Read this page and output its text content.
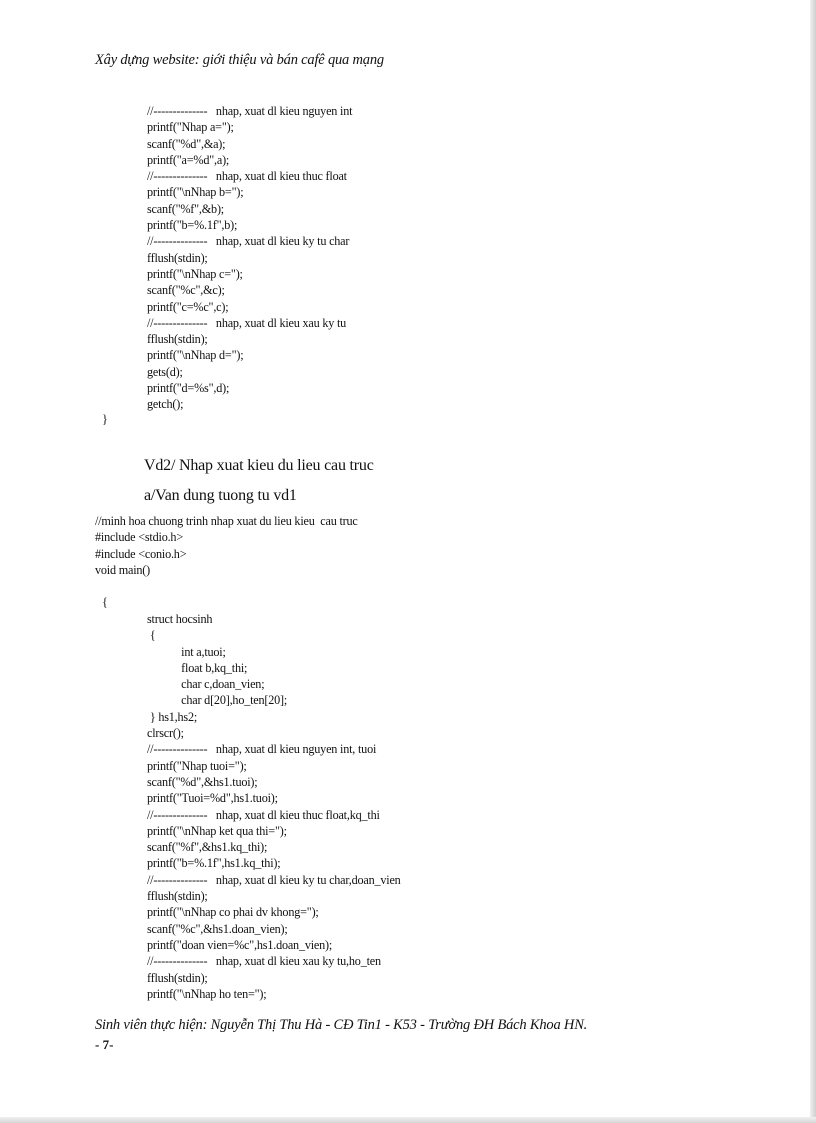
Xây dựng website: giới thiệu và bán cafê qua mạng
//--------------   nhap, xuat dl kieu nguyen int
printf("Nhap a=");
scanf("%d",&a);
printf("a=%d",a);
//--------------   nhap, xuat dl kieu thuc float
printf("\nNhap b=");
scanf("%f",&b);
printf("b=%.1f",b);
//--------------   nhap, xuat dl kieu ky tu char
fflush(stdin);
printf("\nNhap c=");
scanf("%c",&c);
printf("c=%c",c);
//--------------   nhap, xuat dl kieu xau ky tu
fflush(stdin);
printf("\nNhap d=");
gets(d);
printf("d=%s",d);
getch();
}
Vd2/ Nhap xuat kieu du lieu cau truc
a/Van dung tuong tu vd1
//minh hoa chuong trinh nhap xuat du lieu kieu  cau truc
#include <stdio.h>
#include <conio.h>
void main()
{
struct hocsinh
{
int a,tuoi;
float b,kq_thi;
char c,doan_vien;
char d[20],ho_ten[20];
} hs1,hs2;
clrscr();
//--------------   nhap, xuat dl kieu nguyen int, tuoi
printf("Nhap tuoi=");
scanf("%d",&hs1.tuoi);
printf("Tuoi=%d",hs1.tuoi);
//--------------   nhap, xuat dl kieu thuc float,kq_thi
printf("\nNhap ket qua thi=");
scanf("%f",&hs1.kq_thi);
printf("b=%.1f",hs1.kq_thi);
//--------------   nhap, xuat dl kieu ky tu char,doan_vien
fflush(stdin);
printf("\nNhap co phai dv khong=");
scanf("%c",&hs1.doan_vien);
printf("doan vien=%c",hs1.doan_vien);
//--------------   nhap, xuat dl kieu xau ky tu,ho_ten
fflush(stdin);
printf("\nNhap ho ten=");
Sinh viên thực hiện: Nguyễn Thị Thu Hà - CĐ Tin1 - K53 - Trường ĐH Bách Khoa HN.
- 7-
